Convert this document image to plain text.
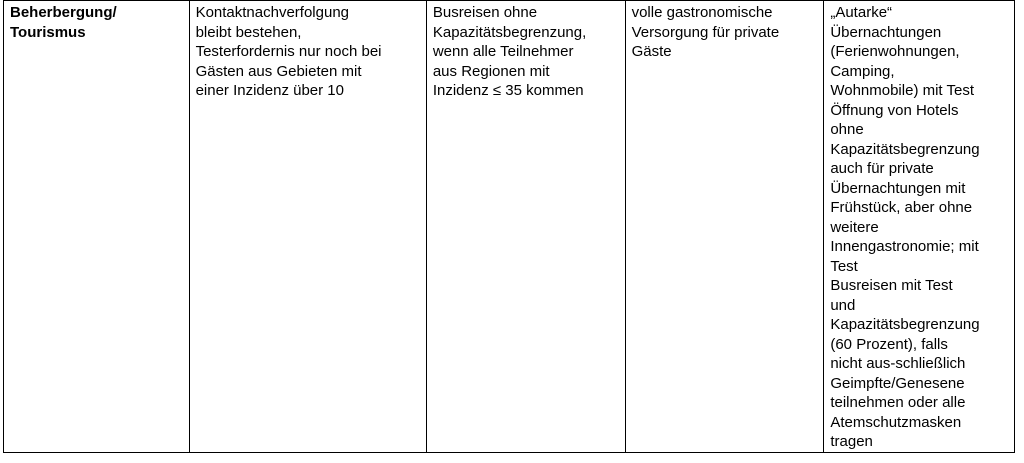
Beherbergung/
Tourismus

Kontaktnachverfolgung
bleibt bestehen,
Testerfordernis nur noch bei
Gästen aus Gebieten mit
einer Inzidenz über 10

Busreisen ohne
Kapazitätsbegrenzung,
wenn alle Teilnehmer
aus Regionen mit
Inzidenz ≤ 35 kommen

volle gastronomische
Versorgung für private
Gäste

„Autarke“
Übernachtungen
(Ferienwohnungen,
Camping,
Wohnmobile) mit Test
Öffnung von Hotels
ohne
Kapazitätsbegrenzung
auch für private
Übernachtungen mit
Frühstück, aber ohne
weitere
Innengastronomie; mit
Test
Busreisen mit Test
und
Kapazitätsbegrenzung
(60 Prozent), falls
nicht aus-schließlich
Geimpfte/Genesene
teilnehmen oder alle
Atemschutzmasken
tragen
